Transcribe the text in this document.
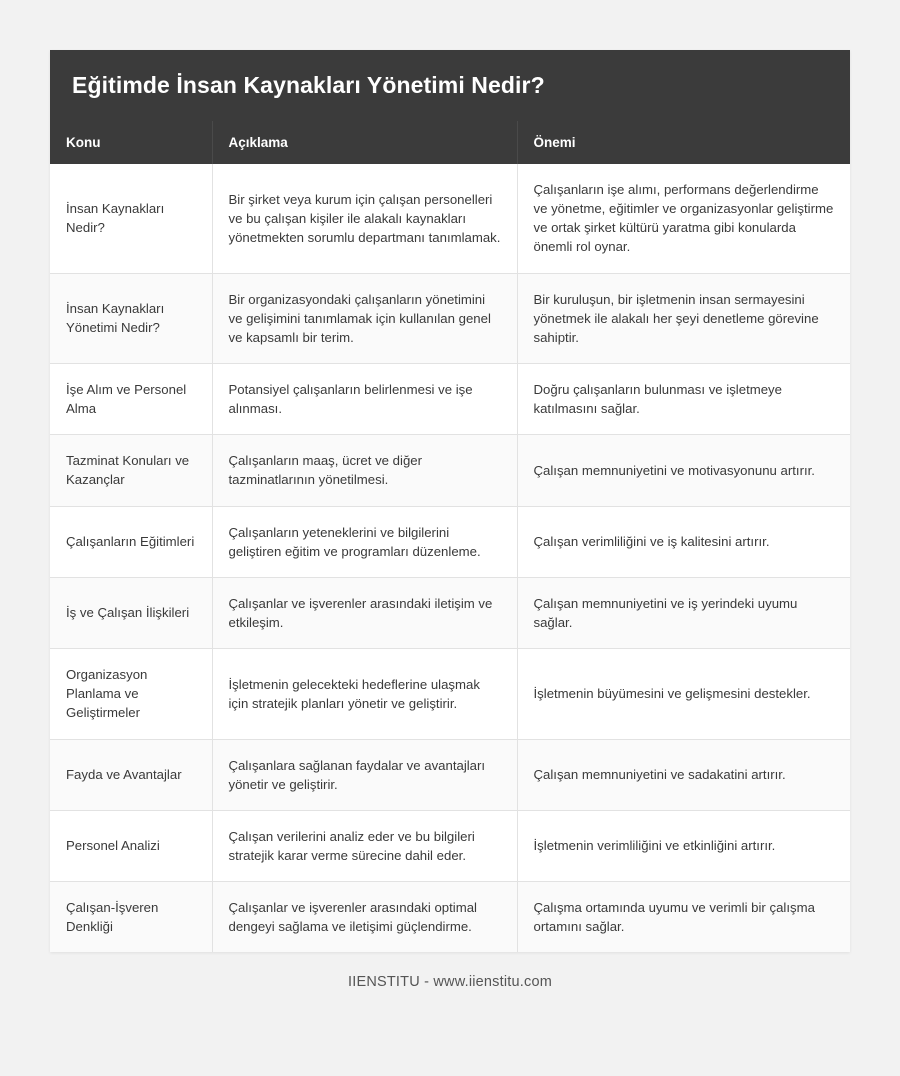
Eğitimde İnsan Kaynakları Yönetimi Nedir?
Konu	Açıklama	Önemi
İnsan Kaynakları Nedir?	Bir şirket veya kurum için çalışan personelleri ve bu çalışan kişiler ile alakalı kaynakları yönetmekten sorumlu departmanı tanımlamak.	Çalışanların işe alımı, performans değerlendirme ve yönetme, eğitimler ve organizasyonlar geliştirme ve ortak şirket kültürü yaratma gibi konularda önemli rol oynar.
İnsan Kaynakları Yönetimi Nedir?	Bir organizasyondaki çalışanların yönetimini ve gelişimini tanımlamak için kullanılan genel ve kapsamlı bir terim.	Bir kuruluşun, bir işletmenin insan sermayesini yönetmek ile alakalı her şeyi denetleme görevine sahiptir.
İşe Alım ve Personel Alma	Potansiyel çalışanların belirlenmesi ve işe alınması.	Doğru çalışanların bulunması ve işletmeye katılmasını sağlar.
Tazminat Konuları ve Kazançlar	Çalışanların maaş, ücret ve diğer tazminatlarının yönetilmesi.	Çalışan memnuniyetini ve motivasyonunu artırır.
Çalışanların Eğitimleri	Çalışanların yeteneklerini ve bilgilerini geliştiren eğitim ve programları düzenleme.	Çalışan verimliliğini ve iş kalitesini artırır.
İş ve Çalışan İlişkileri	Çalışanlar ve işverenler arasındaki iletişim ve etkileşim.	Çalışan memnuniyetini ve iş yerindeki uyumu sağlar.
Organizasyon Planlama ve Geliştirmeler	İşletmenin gelecekteki hedeflerine ulaşmak için stratejik planları yönetir ve geliştirir.	İşletmenin büyümesini ve gelişmesini destekler.
Fayda ve Avantajlar	Çalışanlara sağlanan faydalar ve avantajları yönetir ve geliştirir.	Çalışan memnuniyetini ve sadakatini artırır.
Personel Analizi	Çalışan verilerini analiz eder ve bu bilgileri stratejik karar verme sürecine dahil eder.	İşletmenin verimliliğini ve etkinliğini artırır.
Çalışan-İşveren Denkliği	Çalışanlar ve işverenler arasındaki optimal dengeyi sağlama ve iletişimi güçlendirme.	Çalışma ortamında uyumu ve verimli bir çalışma ortamını sağlar.
IIENSTITU - www.iienstitu.com
